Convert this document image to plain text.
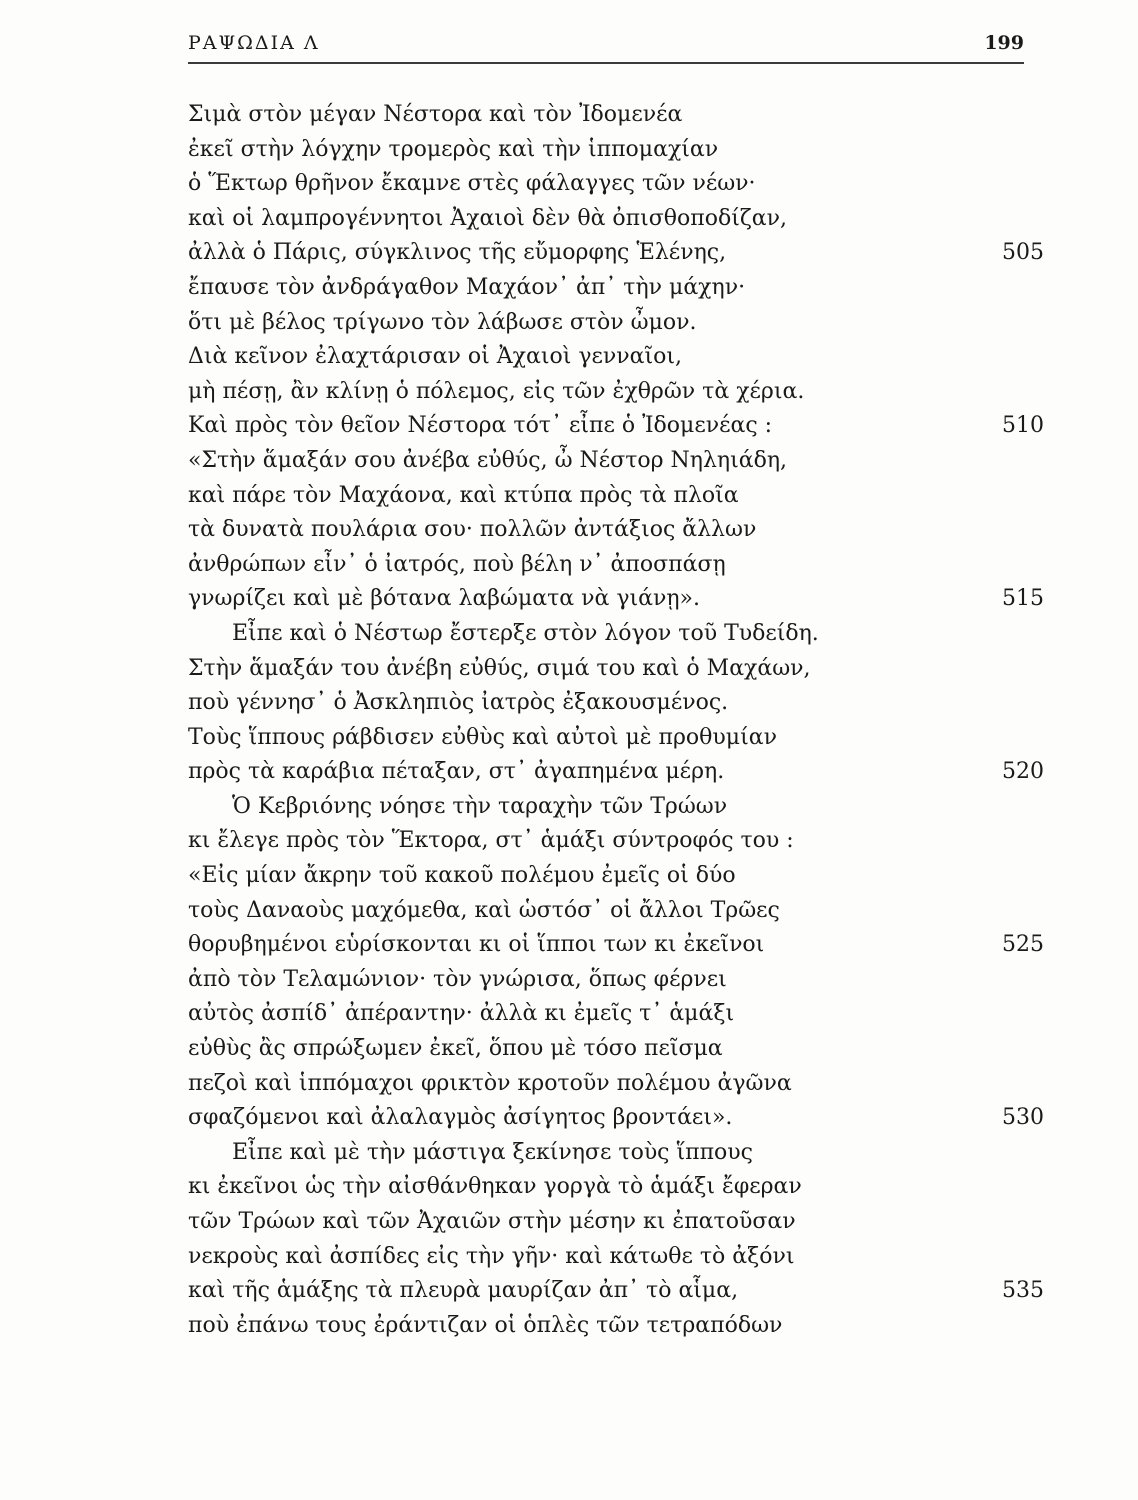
ΡΑΨΩΔΙΑ Λ	199
Σιμὰ στὸν μέγαν Νέστορα καὶ τὸν Ἰδομενέα
ἐκεῖ στὴν λόγχην τρομερὸς καὶ τὴν ἱππομαχίαν
ὁ Ἕκτωρ θρῆνον ἔκαμνε στὲς φάλαγγες τῶν νέων·
καὶ οἱ λαμπρογέννητοι Ἀχαιοὶ δὲν θὰ ὀπισθοποδίζαν,
ἀλλὰ ὁ Πάρις, σύγκλινος τῆς εὔμορφης Ἑλένης,	505
ἔπαυσε τὸν ἀνδράγαθον Μαχάον᾽ ἀπ᾽ τὴν μάχην·
ὅτι μὲ βέλος τρίγωνο τὸν λάβωσε στὸν ὦμον.
Διὰ κεῖνον ἐλαχτάρισαν οἱ Ἀχαιοὶ γενναῖοι,
μὴ πέσῃ, ἂν κλίνῃ ὁ πόλεμος, εἰς τῶν ἐχθρῶν τὰ χέρια.
Καὶ πρὸς τὸν θεῖον Νέστορα τότ᾽ εἶπε ὁ Ἰδομενέας :	510
«Στὴν ἅμαξάν σου ἀνέβα εὐθύς, ὦ Νέστορ Νηληιάδη,
καὶ πάρε τὸν Μαχάονα, καὶ κτύπα πρὸς τὰ πλοῖα
τὰ δυνατὰ πουλάρια σου· πολλῶν ἀντάξιος ἄλλων
ἀνθρώπων εἶν᾽ ὁ ἰατρός, ποὺ βέλη ν᾽ ἀποσπάσῃ
γνωρίζει καὶ μὲ βότανα λαβώματα νὰ γιάνῃ».	515
Εἶπε καὶ ὁ Νέστωρ ἔστερξε στὸν λόγον τοῦ Τυδείδη.
Στὴν ἅμαξάν του ἀνέβη εὐθύς, σιμά του καὶ ὁ Μαχάων,
ποὺ γέννησ᾽ ὁ Ἀσκληπιὸς ἰατρὸς ἐξακουσμένος.
Τοὺς ἵππους ράβδισεν εὐθὺς καὶ αὐτοὶ μὲ προθυμίαν
πρὸς τὰ καράβια πέταξαν, στ᾽ ἀγαπημένα μέρη.	520
Ὁ Κεβριόνης νόησε τὴν ταραχὴν τῶν Τρώων
κι ἔλεγε πρὸς τὸν Ἕκτορα, στ᾽ ἁμάξι σύντροφός του :
«Εἰς μίαν ἄκρην τοῦ κακοῦ πολέμου ἐμεῖς οἱ δύο
τοὺς Δαναοὺς μαχόμεθα, καὶ ὡστόσ᾽ οἱ ἄλλοι Τρῶες
θορυβημένοι εὑρίσκονται κι οἱ ἵπποι των κι ἐκεῖνοι	525
ἀπὸ τὸν Τελαμώνιον· τὸν γνώρισα, ὅπως φέρνει
αὐτὸς ἀσπίδ᾽ ἀπέραντην· ἀλλὰ κι ἐμεῖς τ᾽ ἁμάξι
εὐθὺς ἂς σπρώξωμεν ἐκεῖ, ὅπου μὲ τόσο πεῖσμα
πεζοὶ καὶ ἱππόμαχοι φρικτὸν κροτοῦν πολέμου ἀγῶνα
σφαζόμενοι καὶ ἀλαλαγμὸς ἀσίγητος βροντάει».	530
Εἶπε καὶ μὲ τὴν μάστιγα ξεκίνησε τοὺς ἵππους
κι ἐκεῖνοι ὡς τὴν αἰσθάνθηκαν γοργὰ τὸ ἁμάξι ἔφεραν
τῶν Τρώων καὶ τῶν Ἀχαιῶν στὴν μέσην κι ἐπατοῦσαν
νεκροὺς καὶ ἀσπίδες εἰς τὴν γῆν· καὶ κάτωθε τὸ ἀξόνι
καὶ τῆς ἁμάξης τὰ πλευρὰ μαυρίζαν ἀπ᾽ τὸ αἷμα,	535
ποὺ ἐπάνω τους ἐράντιζαν οἱ ὁπλὲς τῶν τετραπόδων
